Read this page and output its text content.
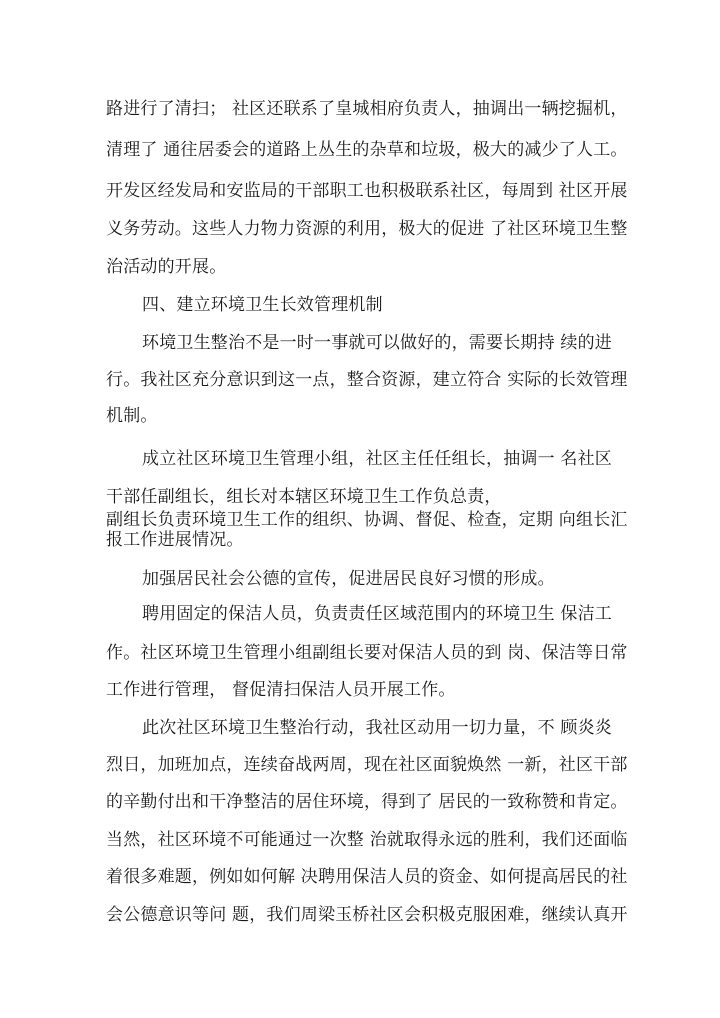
路进行了清扫； 社区还联系了皇城相府负责人，抽调出一辆挖掘机，
清理了 通往居委会的道路上丛生的杂草和垃圾，极大的减少了人工。
开发区经发局和安监局的干部职工也积极联系社区，每周到 社区开展
义务劳动。这些人力物力资源的利用，极大的促进 了社区环境卫生整
治活动的开展。
四、建立环境卫生长效管理机制
环境卫生整治不是一时一事就可以做好的，需要长期持 续的进
行。我社区充分意识到这一点，整合资源，建立符合 实际的长效管理
机制。
成立社区环境卫生管理小组，社区主任任组长，抽调一 名社区
干部任副组长，组长对本辖区环境卫生工作负总责，
副组长负责环境卫生工作的组织、协调、督促、检查，定期 向组长汇
报工作进展情况。
加强居民社会公德的宣传，促进居民良好习惯的形成。
聘用固定的保洁人员，负责责任区域范围内的环境卫生 保洁工
作。社区环境卫生管理小组副组长要对保洁人员的到 岗、保洁等日常
工作进行管理， 督促清扫保洁人员开展工作。
此次社区环境卫生整治行动，我社区动用一切力量，不 顾炎炎
烈日，加班加点，连续奋战两周，现在社区面貌焕然 一新，社区干部
的辛勤付出和干净整洁的居住环境，得到了 居民的一致称赞和肯定。
当然，社区环境不可能通过一次整 治就取得永远的胜利，我们还面临
着很多难题，例如如何解 决聘用保洁人员的资金、如何提高居民的社
会公德意识等问 题，我们周梁玉桥社区会积极克服困难，继续认真开
